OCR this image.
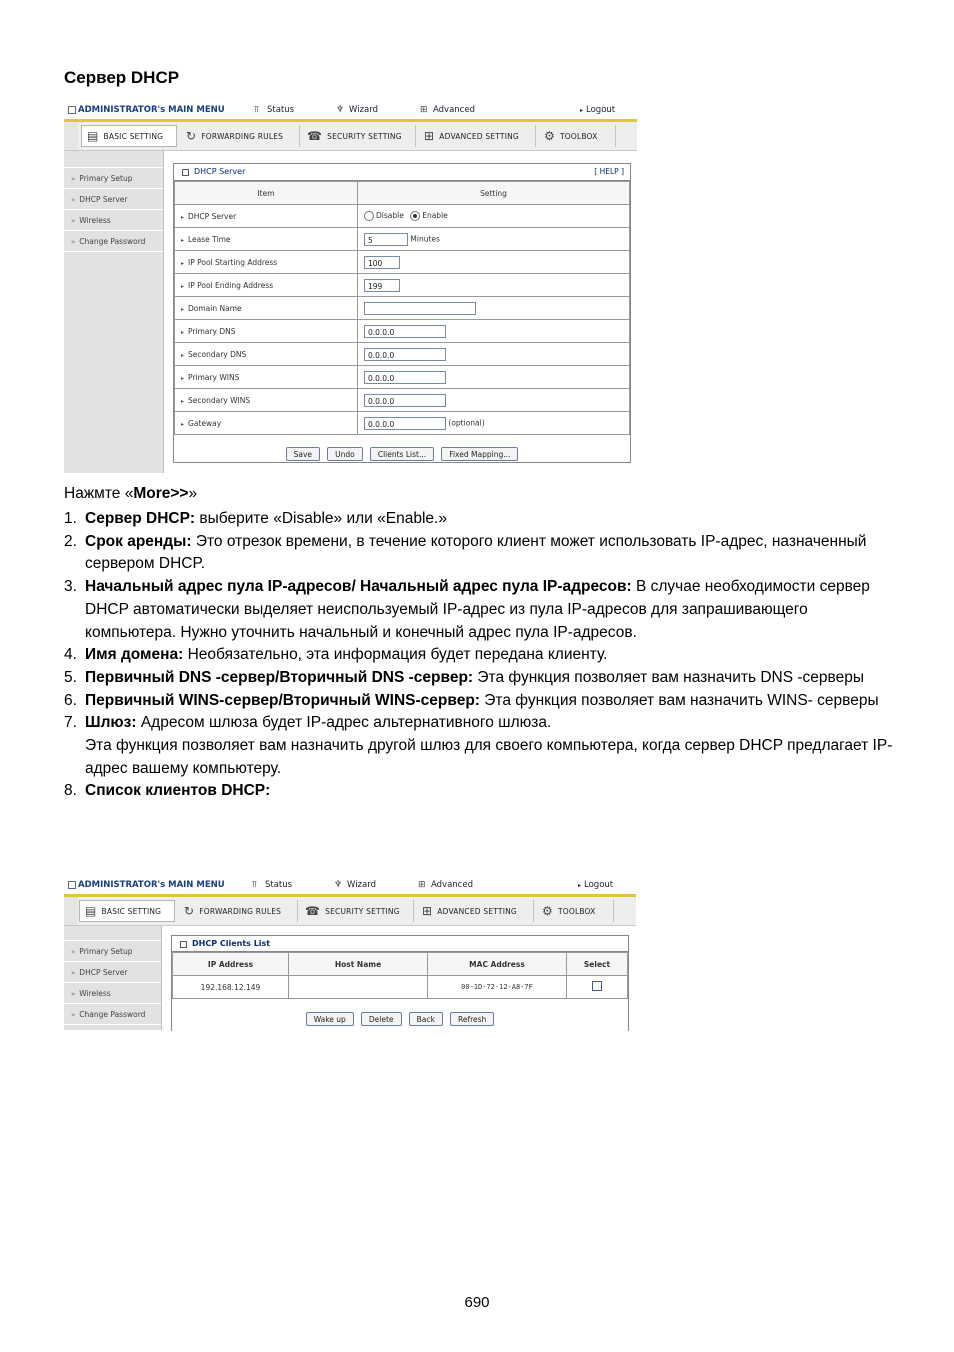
Сервер DHCP
ADMINISTRATOR's MAIN MENU	⫪ Status	♆ Wizard	⊞ Advanced	▸ Logout
▤ BASIC SETTING ↻ FORWARDING RULES ☎ SECURITY SETTING ⊞ ADVANCED SETTING ⚙ TOOLBOX
» Primary Setup
» DHCP Server
» Wireless
» Change Password
DHCP Server	[ HELP ]
Item	Setting
▸ DHCP Server	Disable Enable
▸ Lease Time	5 Minutes
▸ IP Pool Starting Address	100
▸ IP Pool Ending Address	199
▸ Domain Name	
▸ Primary DNS	0.0.0.0
▸ Secondary DNS	0.0.0.0
▸ Primary WINS	0.0.0.0
▸ Secondary WINS	0.0.0.0
▸ Gateway	0.0.0.0 (optional)
Save	Undo	Clients List...	Fixed Mapping...
Нажмте «More>>»
1. Сервер DHCP: выберите «Disable» или «Enable.»
2. Срок аренды: Это отрезок времени, в течение которого клиент может использовать IP-адрес, назначенный сервером DHCP.
3. Начальный адрес пула IP-адресов/ Начальный адрес пула IP-адресов: В случае необходимости сервер DHCP автоматически выделяет неиспользуемый IP-адрес из пула IP-адресов для запрашивающего компьютера. Нужно уточнить начальный и конечный адрес пула IP-адресов.
4. Имя домена: Необязательно, эта информация будет передана клиенту.
5. Первичный DNS -сервер/Вторичный DNS -сервер: Эта функция позволяет вам назначить DNS -серверы
6. Первичный WINS-сервер/Вторичный WINS-сервер: Эта функция позволяет вам назначить WINS- серверы
7. Шлюз: Адресом шлюза будет IP-адрес альтернативного шлюза.
Эта функция позволяет вам назначить другой шлюз для своего компьютера, когда сервер DHCP предлагает IP-адрес вашему компьютеру.
8. Список клиентов DHCP:
ADMINISTRATOR's MAIN MENU	⫪ Status	♆ Wizard	⊞ Advanced	▸ Logout
▤ BASIC SETTING ↻ FORWARDING RULES ☎ SECURITY SETTING ⊞ ADVANCED SETTING ⚙ TOOLBOX
» Primary Setup
» DHCP Server
» Wireless
» Change Password
DHCP Clients List
IP Address	Host Name	MAC Address	Select
192.168.12.149		00-1D-72-12-A8-7F	
Wake up	Delete	Back	Refresh
690
